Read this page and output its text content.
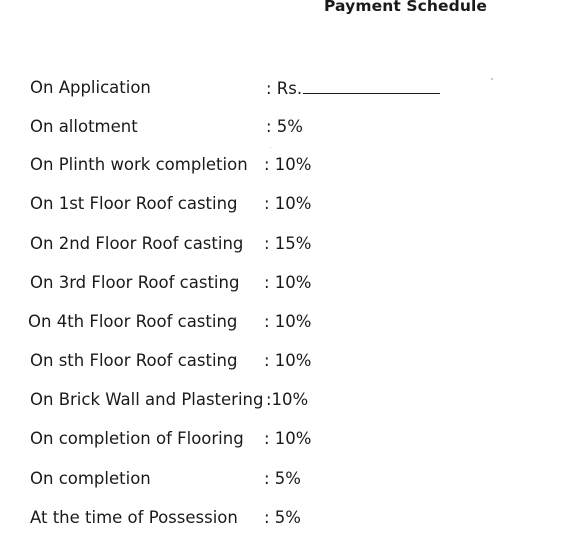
Payment Schedule
On Application	: Rs.
On allotment	: 5%
On Plinth work completion : 10%
On 1st Floor Roof casting : 10%
On 2nd Floor Roof casting : 15%
On 3rd Floor Roof casting : 10%
On 4th Floor Roof casting : 10%
On sth Floor Roof casting : 10%
On Brick Wall and Plastering :10%
On completion of Flooring : 10%
On completion	: 5%
At the time of Possession : 5%
